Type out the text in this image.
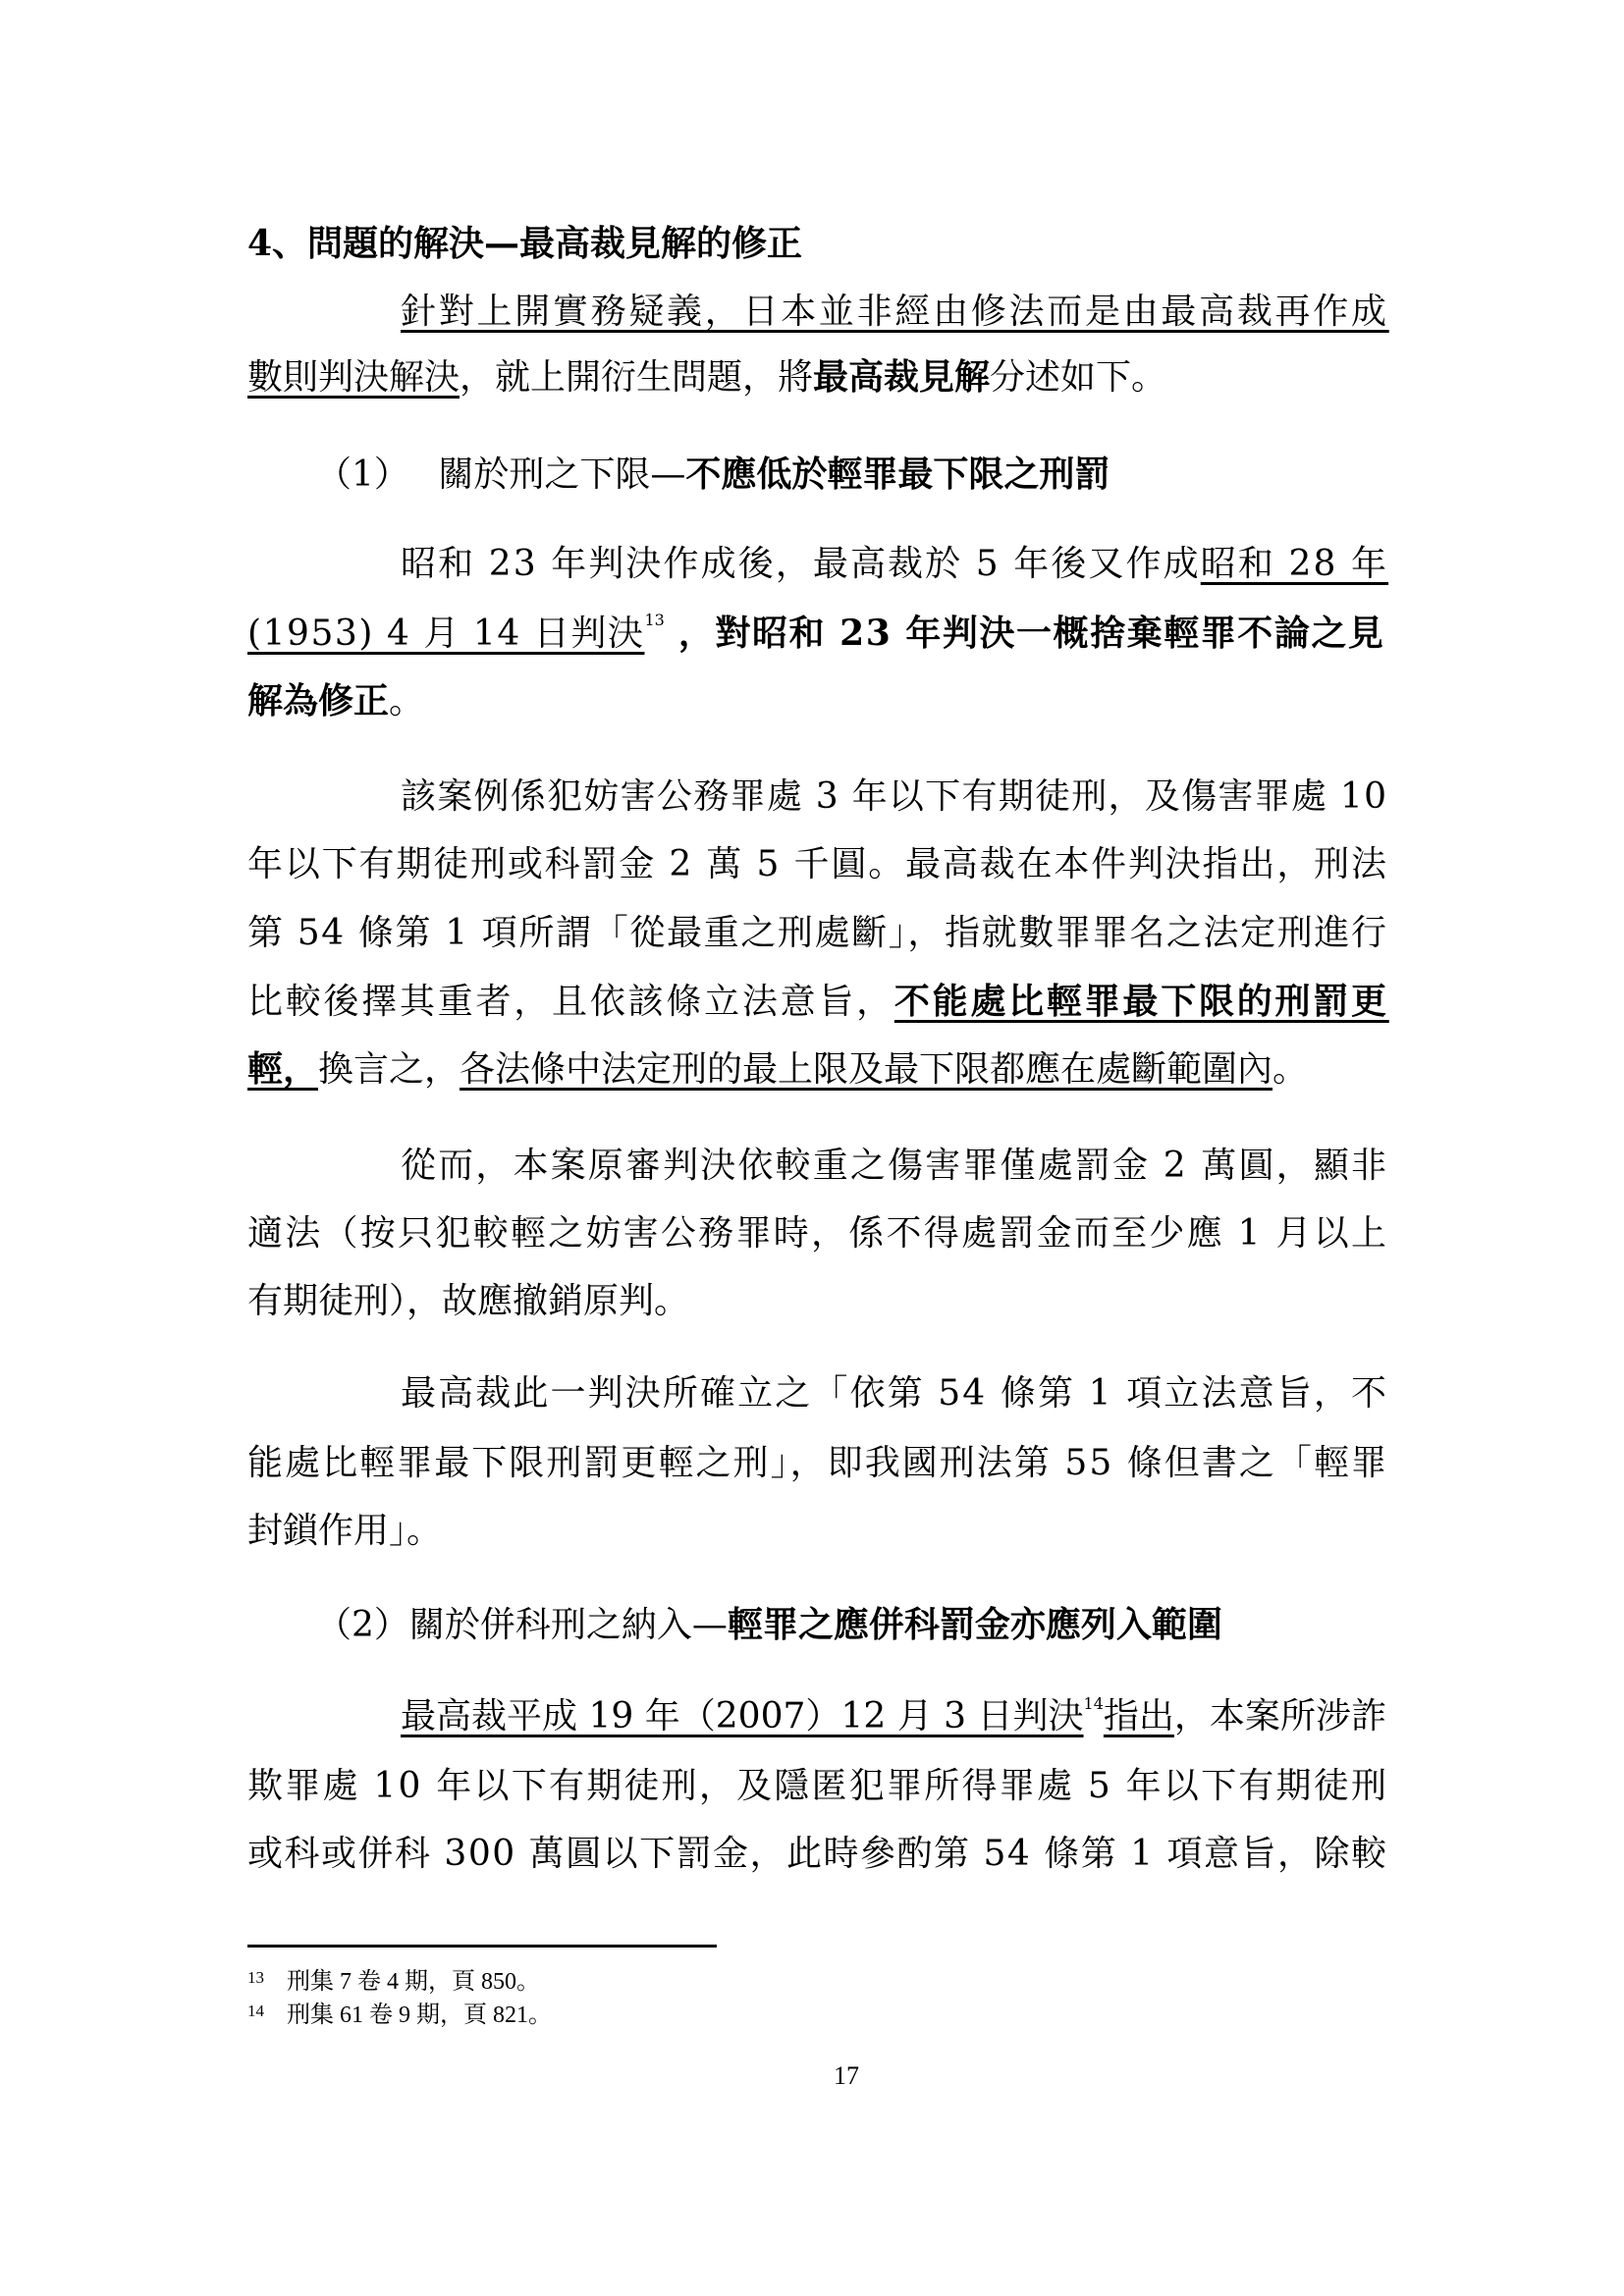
4、問題的解決—最高裁見解的修正
針對上開實務疑義，日本並非經由修法而是由最高裁再作成
數則判決解決，就上開衍生問題，將最高裁見解分述如下。
（1）　 關於刑之下限—不應低於輕罪最下限之刑罰
昭和 23 年判決作成後，最高裁於 5 年後又作成昭和 28 年
(1953) 4 月 14 日判決$^{13}$ ，對昭和 23 年判決一概捨棄輕罪不論之見
解為修正。
該案例係犯妨害公務罪處 3 年以下有期徒刑，及傷害罪處 10
年以下有期徒刑或科罰金 2 萬 5 千圓。最高裁在本件判決指出，刑法
第 54 條第 1 項所謂「從最重之刑處斷」，指就數罪罪名之法定刑進行
比較後擇其重者，且依該條立法意旨，不能處比輕罪最下限的刑罰更
輕，換言之，各法條中法定刑的最上限及最下限都應在處斷範圍內。
從而，本案原審判決依較重之傷害罪僅處罰金 2 萬圓，顯非
適法（按只犯較輕之妨害公務罪時，係不得處罰金而至少應 1 月以上
有期徒刑），故應撤銷原判。
最高裁此一判決所確立之「依第 54 條第 1 項立法意旨，不
能處比輕罪最下限刑罰更輕之刑」，即我國刑法第 55 條但書之「輕罪
封鎖作用」。
（2）關於併科刑之納入—輕罪之應併科罰金亦應列入範圍
最高裁平成 19 年（2007）12 月 3 日判決$^{14}$指出，本案所涉詐
欺罪處 10 年以下有期徒刑，及隱匿犯罪所得罪處 5 年以下有期徒刑
或科或併科 300 萬圓以下罰金，此時參酌第 54 條第 1 項意旨，除較
13 刑集 7 卷 4 期，頁 850。
14 刑集 61 卷 9 期，頁 821。
17
